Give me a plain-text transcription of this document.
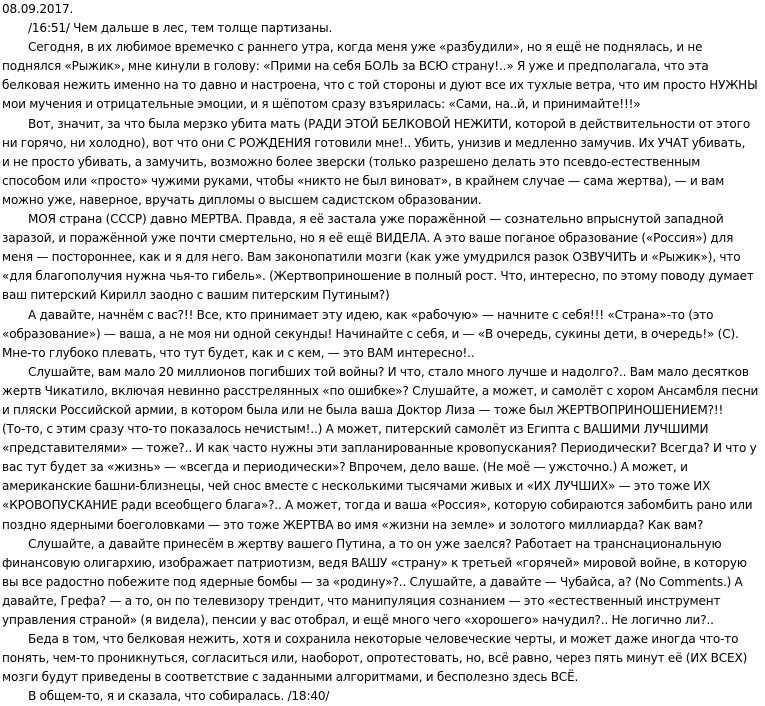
08.09.2017.
/16:51/ Чем дальше в лес, тем толще партизаны.
Сегодня, в их любимое времечко с раннего утра, когда меня уже «разбудили», но я ещё не поднялась, и не
поднялся «Рыжик», мне кинули в голову: «Прими на себя БОЛЬ за ВСЮ страну!..» Я уже и предполагала, что эта
белковая нежить именно на то давно и настроена, что с той стороны и дуют все их тухлые ветра, что им просто НУЖНЫ
мои мучения и отрицательные эмоции, и я шёпотом сразу взъярилась: «Сами, на..й, и принимайте!!!»
Вот, значит, за что была мерзко убита мать (РАДИ ЭТОЙ БЕЛКОВОЙ НЕЖИТИ, которой в действительности от этого
ни горячо, ни холодно), вот что они С РОЖДЕНИЯ готовили мне!.. Убить, унизив и медленно замучив. Их УЧАТ убивать,
и не просто убивать, а замучить, возможно более зверски (только разрешено делать это псевдо-естественным
способом или «просто» чужими руками, чтобы «никто не был виноват», в крайнем случае — сама жертва), — и вам
можно уже, наверное, вручать дипломы о высшем садистском образовании.
МОЯ страна (СССР) давно МЕРТВА. Правда, я её застала уже поражённой — сознательно впрыснутой западной
заразой, и поражённой уже почти смертельно, но я её ещё ВИДЕЛА. А это ваше поганое образование («Россия») для
меня — постороннее, как и я для него. Вам законопатили мозги (как уже умудрился разок ОЗВУЧИТЬ и «Рыжик»), что
«для благополучия нужна чья-то гибель». (Жертвоприношение в полный рост. Что, интересно, по этому поводу думает
ваш питерский Кирилл заодно с вашим питерским Путиным?)
А давайте, начнём с вас?!! Все, кто принимает эту идею, как «рабочую» — начните с себя!!! «Страна»-то (это
«образование») — ваша, а не моя ни одной секунды! Начинайте с себя, и — «В очередь, сукины дети, в очередь!» (С).
Мне-то глубоко плевать, что тут будет, как и с кем, — это ВАМ интересно!..
Слушайте, вам мало 20 миллионов погибших той войны? И что, стало много лучше и надолго?.. Вам мало десятков
жертв Чикатило, включая невинно расстрелянных «по ошибке»? Слушайте, а может, и самолёт с хором Ансамбля песни
и пляски Российской армии, в котором была или не была ваша Доктор Лиза — тоже был ЖЕРТВОПРИНОШЕНИЕМ?!!
(То-то, с этим сразу что-то показалось нечистым!..) А может, питерский самолёт из Египта с ВАШИМИ ЛУЧШИМИ
«представителями» — тоже?.. И как часто нужны эти запланированные кровопускания? Периодически? Всегда? И что у
вас тут будет за «жизнь» — «всегда и периодически»? Впрочем, дело ваше. (Не моё — ужсточно.) А может, и
американские башни-близнецы, чей снос вместе с несколькими тысячами живых и «ИХ ЛУЧШИХ» — это тоже ИХ
«КРОВОПУСКАНИЕ ради всеобщего блага»?.. А может, тогда и ваша «Россия», которую собираются забомбить рано или
поздно ядерными боеголовками — это тоже ЖЕРТВА во имя «жизни на земле» и золотого миллиарда? Как вам?
Слушайте, а давайте принесём в жертву вашего Путина, а то он уже заелся? Работает на транснациональную
финансовую олигархию, изображает патриотизм, ведя ВАШУ «страну» к третьей «горячей» мировой войне, в которую
вы все радостно побежите под ядерные бомбы — за «родину»?.. Слушайте, а давайте — Чубайса, а? (No Comments.) А
давайте, Грефа? — а то, он по телевизору трендит, что манипуляция сознанием — это «естественный инструмент
управления страной» (я видела), пенсии у вас отобрал, и ещё много чего «хорошего» начудил?.. Не логично ли?..
Беда в том, что белковая нежить, хотя и сохранила некоторые человеческие черты, и может даже иногда что-то
понять, чем-то проникнуться, согласиться или, наоборот, опротестовать, но, всё равно, через пять минут её (ИХ ВСЕХ)
мозги будут приведены в соответствие с заданными алгоритмами, и бесполезно здесь ВСЁ.
В общем-то, я и сказала, что собиралась. /18:40/
